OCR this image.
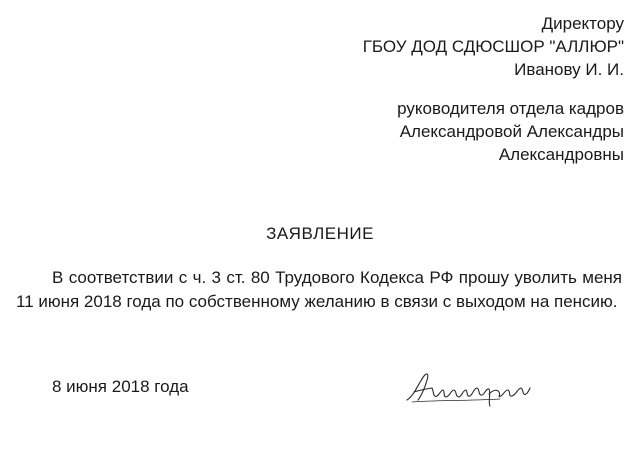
Директору
ГБОУ ДОД СДЮСШОР "АЛЛЮР"
Иванову И. И.
руководителя отдела кадров
Александровой Александры
Александровны
ЗАЯВЛЕНИЕ
В соответствии с ч. 3 ст. 80 Трудового Кодекса РФ прошу уволить меня 11 июня 2018 года по собственному желанию в связи с выходом на пенсию.
8 июня 2018 года
